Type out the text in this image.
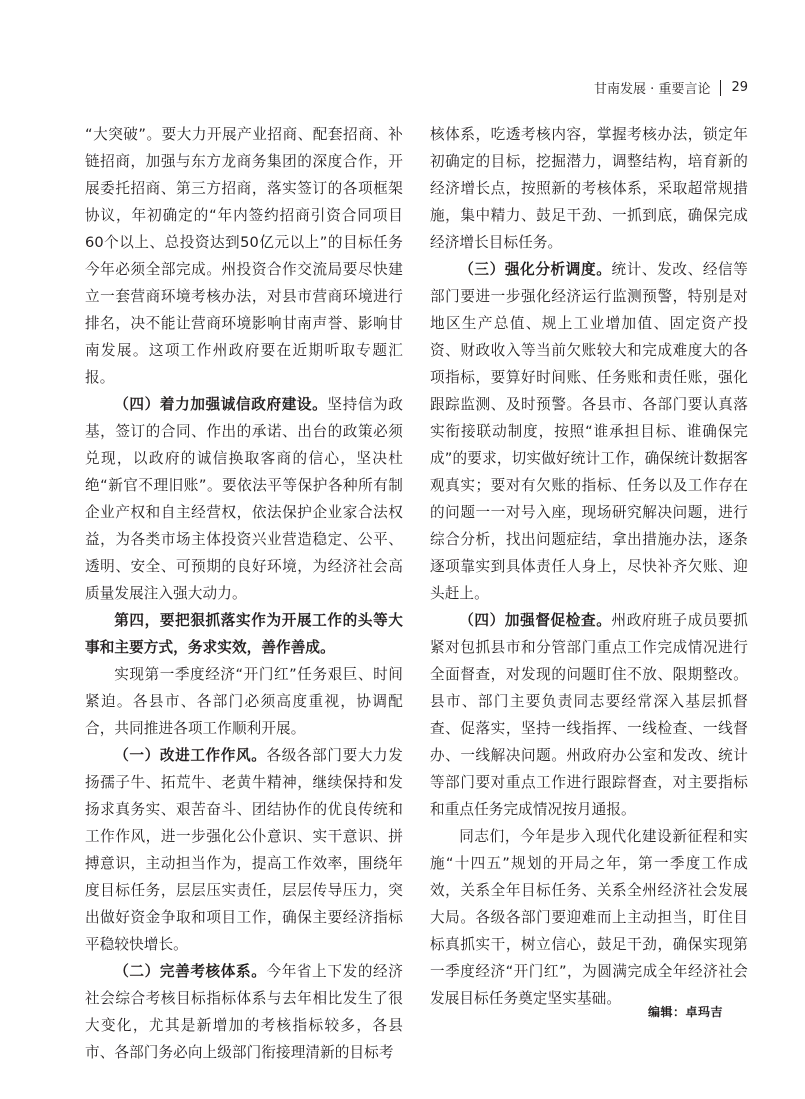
甘南发展 · 重要言论 29

“大突破”。要大力开展产业招商、配套招商、补链招商，加强与东方龙商务集团的深度合作，开展委托招商、第三方招商，落实签订的各项框架协议，年初确定的“年内签约招商引资合同项目60个以上、总投资达到50亿元以上”的目标任务今年必须全部完成。州投资合作交流局要尽快建立一套营商环境考核办法，对县市营商环境进行排名，决不能让营商环境影响甘南声誉、影响甘南发展。这项工作州政府要在近期听取专题汇报。

（四）着力加强诚信政府建设。坚持信为政基，签订的合同、作出的承诺、出台的政策必须兑现，以政府的诚信换取客商的信心，坚决杜绝“新官不理旧账”。要依法平等保护各种所有制企业产权和自主经营权，依法保护企业家合法权益，为各类市场主体投资兴业营造稳定、公平、透明、安全、可预期的良好环境，为经济社会高质量发展注入强大动力。

第四，要把狠抓落实作为开展工作的头等大事和主要方式，务求实效，善作善成。

实现第一季度经济“开门红”任务艰巨、时间紧迫。各县市、各部门必须高度重视，协调配合，共同推进各项工作顺利开展。

（一）改进工作作风。各级各部门要大力发扬孺子牛、拓荒牛、老黄牛精神，继续保持和发扬求真务实、艰苦奋斗、团结协作的优良传统和工作作风，进一步强化公仆意识、实干意识、拼搏意识，主动担当作为，提高工作效率，围绕年度目标任务，层层压实责任，层层传导压力，突出做好资金争取和项目工作，确保主要经济指标平稳较快增长。

（二）完善考核体系。今年省上下发的经济社会综合考核目标指标体系与去年相比发生了很大变化，尤其是新增加的考核指标较多，各县市、各部门务必向上级部门衔接理清新的目标考

核体系，吃透考核内容，掌握考核办法，锁定年初确定的目标，挖掘潜力，调整结构，培育新的经济增长点，按照新的考核体系，采取超常规措施，集中精力、鼓足干劲、一抓到底，确保完成经济增长目标任务。

（三）强化分析调度。统计、发改、经信等部门要进一步强化经济运行监测预警，特别是对地区生产总值、规上工业增加值、固定资产投资、财政收入等当前欠账较大和完成难度大的各项指标，要算好时间账、任务账和责任账，强化跟踪监测、及时预警。各县市、各部门要认真落实衔接联动制度，按照“谁承担目标、谁确保完成”的要求，切实做好统计工作，确保统计数据客观真实；要对有欠账的指标、任务以及工作存在的问题一一对号入座，现场研究解决问题，进行综合分析，找出问题症结，拿出措施办法，逐条逐项靠实到具体责任人身上，尽快补齐欠账、迎头赶上。

（四）加强督促检查。州政府班子成员要抓紧对包抓县市和分管部门重点工作完成情况进行全面督查，对发现的问题盯住不放、限期整改。县市、部门主要负责同志要经常深入基层抓督查、促落实，坚持一线指挥、一线检查、一线督办、一线解决问题。州政府办公室和发改、统计等部门要对重点工作进行跟踪督查，对主要指标和重点任务完成情况按月通报。

同志们，今年是步入现代化建设新征程和实施“十四五”规划的开局之年，第一季度工作成效，关系全年目标任务、关系全州经济社会发展大局。各级各部门要迎难而上主动担当，盯住目标真抓实干，树立信心，鼓足干劲，确保实现第一季度经济“开门红”，为圆满完成全年经济社会发展目标任务奠定坚实基础。

编辑：卓玛吉
